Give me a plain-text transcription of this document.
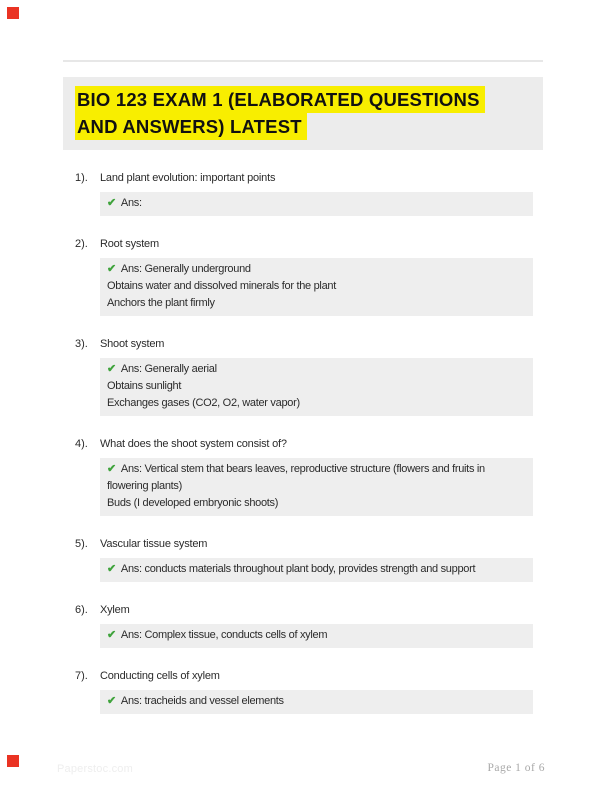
BIO 123 EXAM 1 (ELABORATED QUESTIONS AND ANSWERS) LATEST
1).	Land plant evolution: important points
✔ Ans:
2).	Root system
✔ Ans: Generally underground
Obtains water and dissolved minerals for the plant
Anchors the plant firmly
3).	Shoot system
✔ Ans: Generally aerial
Obtains sunlight
Exchanges gases (CO2, O2, water vapor)
4).	What does the shoot system consist of?
✔ Ans: Vertical stem that bears leaves, reproductive structure (flowers and fruits in flowering plants)
Buds (I developed embryonic shoots)
5).	Vascular tissue system
✔ Ans: conducts materials throughout plant body, provides strength and support
6).	Xylem
✔ Ans: Complex tissue, conducts cells of xylem
7).	Conducting cells of xylem
✔ Ans: tracheids and vessel elements
Paperstoc.com	Page 1 of 6
